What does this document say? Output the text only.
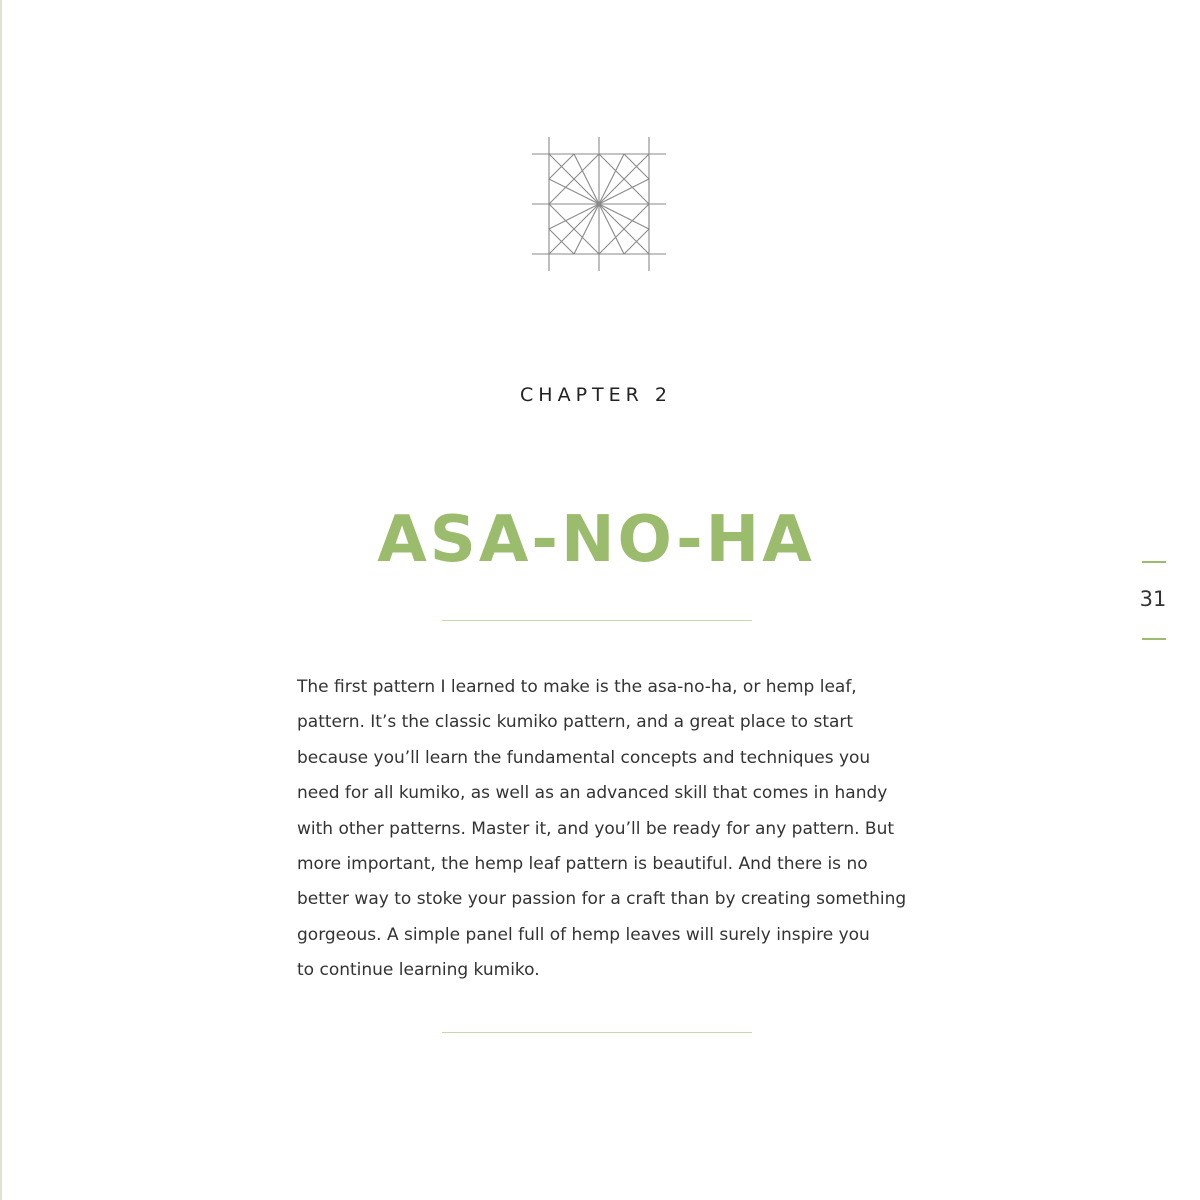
CHAPTER 2
ASA-NO-HA
The first pattern I learned to make is the asa-no-ha, or hemp leaf,
pattern. It’s the classic kumiko pattern, and a great place to start
because you’ll learn the fundamental concepts and techniques you
need for all kumiko, as well as an advanced skill that comes in handy
with other patterns. Master it, and you’ll be ready for any pattern. But
more important, the hemp leaf pattern is beautiful. And there is no
better way to stoke your passion for a craft than by creating something
gorgeous. A simple panel full of hemp leaves will surely inspire you
to continue learning kumiko.
31
